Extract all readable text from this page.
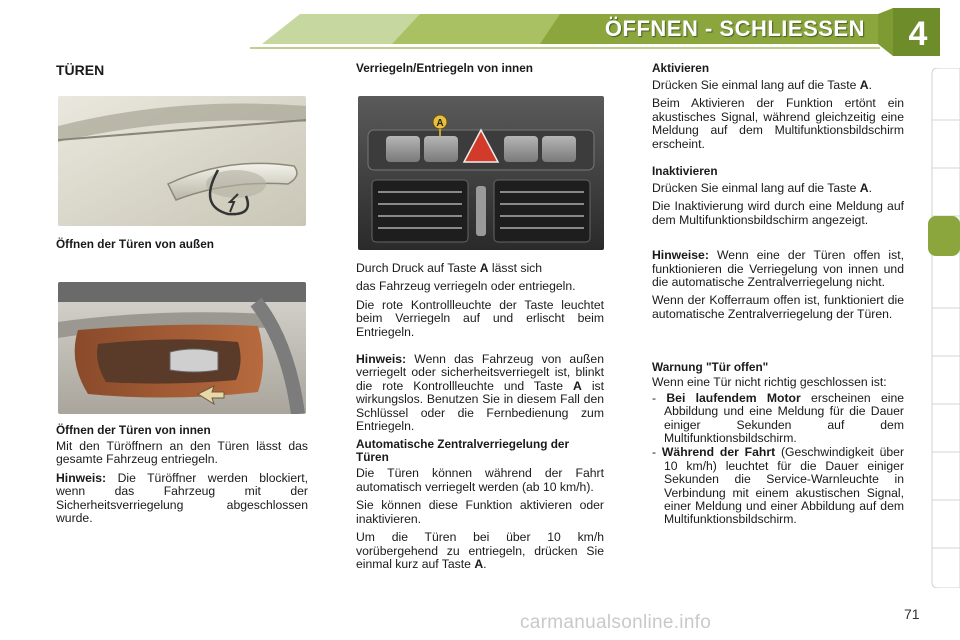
ÖFFNEN - SCHLIESSEN	4
TÜREN
Öffnen der Türen von außen
Öffnen der Türen von innen

Mit den Türöffnern an den Türen lässt das gesamte Fahrzeug entriegeln.

Hinweis: Die Türöffner werden blockiert, wenn das Fahrzeug mit der Sicherheitsverriegelung abgeschlossen wurde.

Verriegeln/Entriegeln von innen
A

Durch Druck auf Taste A lässt sich

das Fahrzeug verriegeln oder entriegeln.

Die rote Kontrollleuchte der Taste leuchtet beim Verriegeln auf und erlischt beim Entriegeln.

Hinweis: Wenn das Fahrzeug von außen verriegelt oder sicherheitsverriegelt ist, blinkt die rote Kontrollleuchte und Taste A ist wirkungslos. Benutzen Sie in diesem Fall den Schlüssel oder die Fernbedienung zum Entriegeln.

Automatische Zentralverriegelung der Türen

Die Türen können während der Fahrt automatisch verriegelt werden (ab 10 km/h).

Sie können diese Funktion aktivieren oder inaktivieren.

Um die Türen bei über 10 km/h vorübergehend zu entriegeln, drücken Sie einmal kurz auf Taste A.

Aktivieren

Drücken Sie einmal lang auf die Taste A.

Beim Aktivieren der Funktion ertönt ein akustisches Signal, während gleichzeitig eine Meldung auf dem Multifunktionsbildschirm erscheint.

Inaktivieren

Drücken Sie einmal lang auf die Taste A.

Die Inaktivierung wird durch eine Meldung auf dem Multifunktionsbildschirm angezeigt.

Hinweise: Wenn eine der Türen offen ist, funktionieren die Verriegelung von innen und die automatische Zentralverriegelung nicht.

Wenn der Kofferraum offen ist, funktioniert die automatische Zentralverriegelung der Türen.

Warnung "Tür offen"

Wenn eine Tür nicht richtig geschlossen ist:

- Bei laufendem Motor erscheinen eine Abbildung und eine Meldung für die Dauer einiger Sekunden auf dem Multifunktionsbildschirm.
- Während der Fahrt (Geschwindigkeit über 10 km/h) leuchtet für die Dauer einiger Sekunden die Service-Warnleuchte in Verbindung mit einem akustischen Signal, einer Meldung und einer Abbildung auf dem Multifunktionsbildschirm.
carmanualsonline.info	71
